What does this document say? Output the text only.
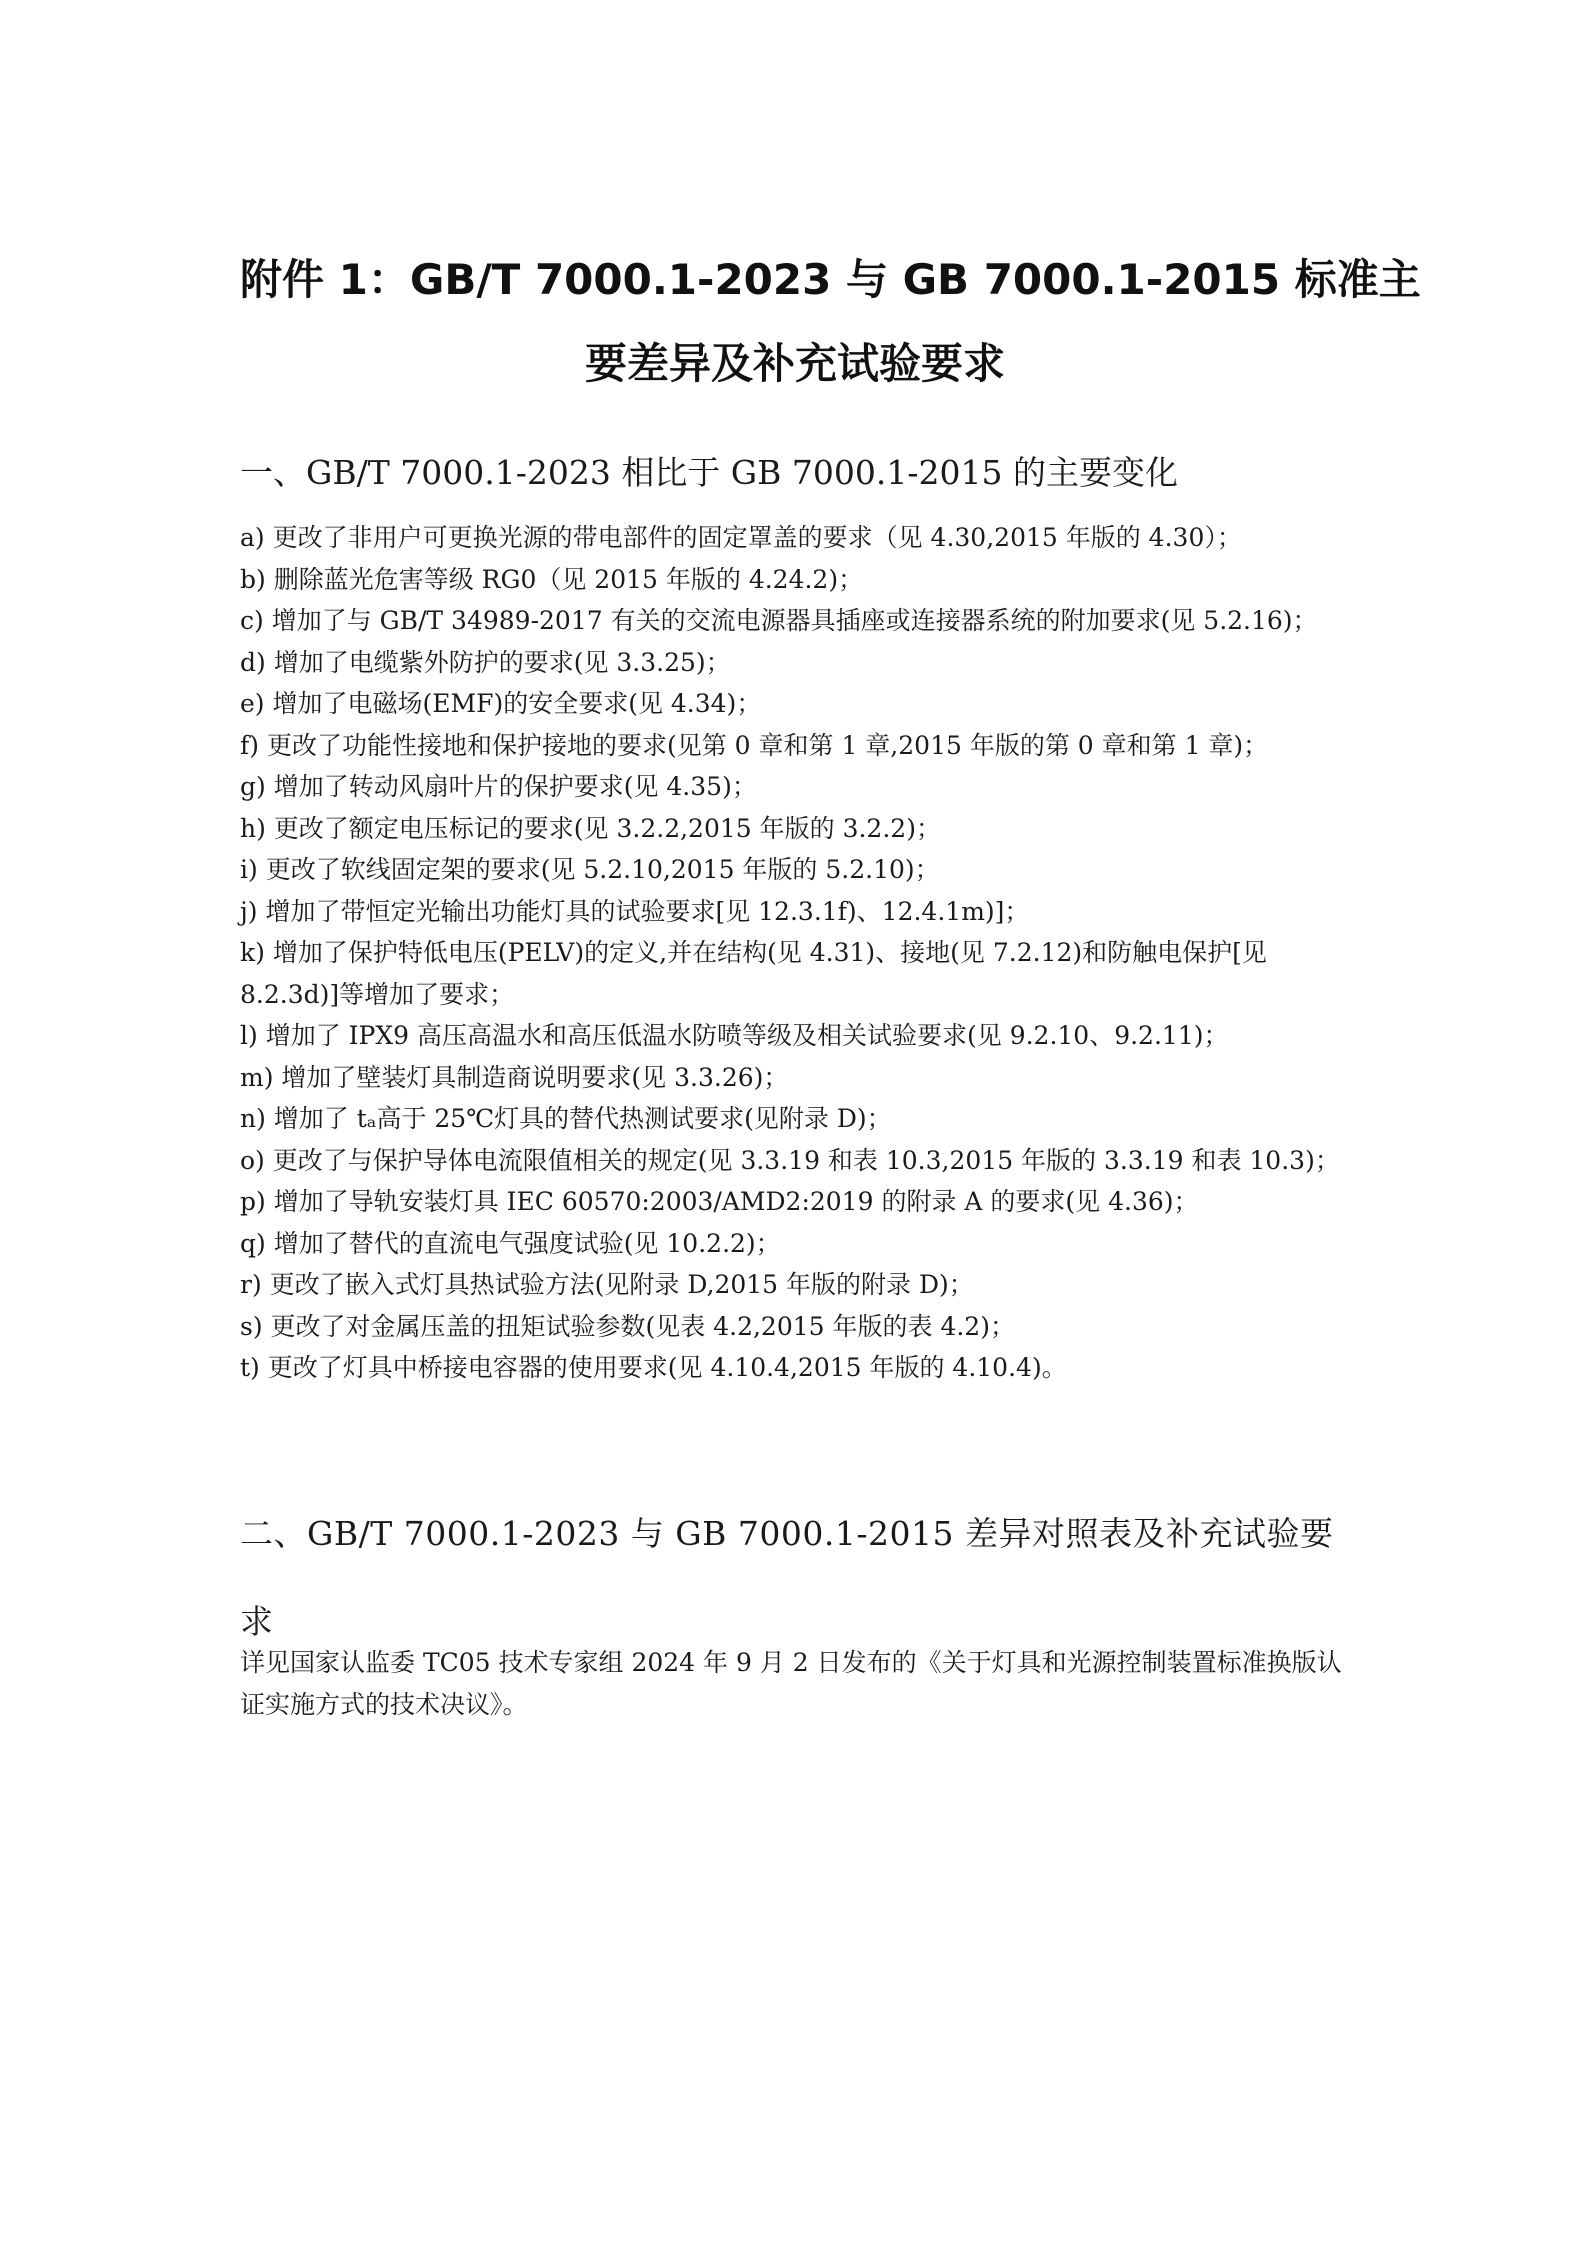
附件 1：GB/T 7000.1-2023 与 GB 7000.1-2015 标准主
要差异及补充试验要求
一、GB/T 7000.1-2023 相比于 GB 7000.1-2015 的主要变化
a) 更改了非用户可更换光源的带电部件的固定罩盖的要求（见 4.30,2015 年版的 4.30）；
b) 删除蓝光危害等级 RG0（见 2015 年版的 4.24.2)；
c) 增加了与 GB/T 34989-2017 有关的交流电源器具插座或连接器系统的附加要求(见 5.2.16)；
d) 增加了电缆紫外防护的要求(见 3.3.25)；
e) 增加了电磁场(EMF)的安全要求(见 4.34)；
f) 更改了功能性接地和保护接地的要求(见第 0 章和第 1 章,2015 年版的第 0 章和第 1 章)；
g) 增加了转动风扇叶片的保护要求(见 4.35)；
h) 更改了额定电压标记的要求(见 3.2.2,2015 年版的 3.2.2)；
i) 更改了软线固定架的要求(见 5.2.10,2015 年版的 5.2.10)；
j) 增加了带恒定光输出功能灯具的试验要求[见 12.3.1f)、12.4.1m)]；
k) 增加了保护特低电压(PELV)的定义,并在结构(见 4.31)、接地(见 7.2.12)和防触电保护[见 8.2.3d)]等增加了要求；
l) 增加了 IPX9 高压高温水和高压低温水防喷等级及相关试验要求(见 9.2.10、9.2.11)；
m) 增加了壁装灯具制造商说明要求(见 3.3.26)；
n) 增加了 tₐ高于 25℃灯具的替代热测试要求(见附录 D)；
o) 更改了与保护导体电流限值相关的规定(见 3.3.19 和表 10.3,2015 年版的 3.3.19 和表 10.3)；
p) 增加了导轨安装灯具 IEC 60570:2003/AMD2:2019 的附录 A 的要求(见 4.36)；
q) 增加了替代的直流电气强度试验(见 10.2.2)；
r) 更改了嵌入式灯具热试验方法(见附录 D,2015 年版的附录 D)；
s) 更改了对金属压盖的扭矩试验参数(见表 4.2,2015 年版的表 4.2)；
t) 更改了灯具中桥接电容器的使用要求(见 4.10.4,2015 年版的 4.10.4)。
二、GB/T 7000.1-2023 与 GB 7000.1-2015 差异对照表及补充试验要求

详见国家认监委 TC05 技术专家组 2024 年 9 月 2 日发布的《关于灯具和光源控制装置标准换版认证实施方式的技术决议》。
